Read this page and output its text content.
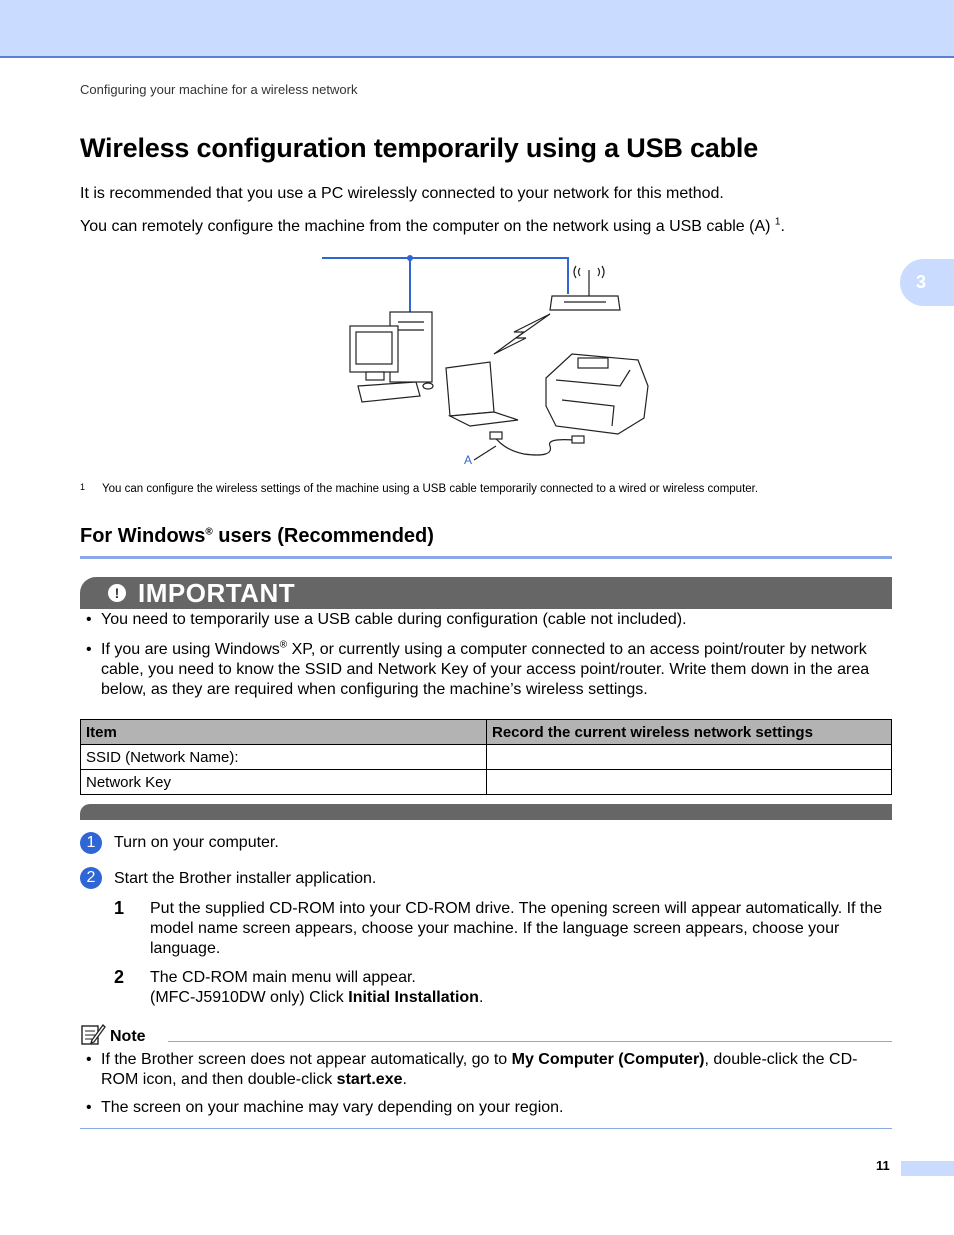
Configuring your machine for a wireless network
3
Wireless configuration temporarily using a USB cable
It is recommended that you use a PC wirelessly connected to your network for this method.
You can remotely configure the machine from the computer on the network using a USB cable (A) $^1$.
A
1 You can configure the wireless settings of the machine using a USB cable temporarily connected to a wired or wireless computer.
For Windows® users (Recommended)
! IMPORTANT
• You need to temporarily use a USB cable during configuration (cable not included).
• If you are using Windows® XP, or currently using a computer connected to an access point/router by network cable, you need to know the SSID and Network Key of your access point/router. Write them down in the area below, as they are required when configuring the machine’s wireless settings.
Item	Record the current wireless network settings
SSID (Network Name):	
Network Key	
1	Turn on your computer.
2	Start the Brother installer application.
1 Put the supplied CD-ROM into your CD-ROM drive. The opening screen will appear automatically. If the model name screen appears, choose your machine. If the language screen appears, choose your language.
2 The CD-ROM main menu will appear.
(MFC-J5910DW only) Click Initial Installation.
Note
• If the Brother screen does not appear automatically, go to My Computer (Computer), double-click the CD-ROM icon, and then double-click start.exe.
• The screen on your machine may vary depending on your region.
11
